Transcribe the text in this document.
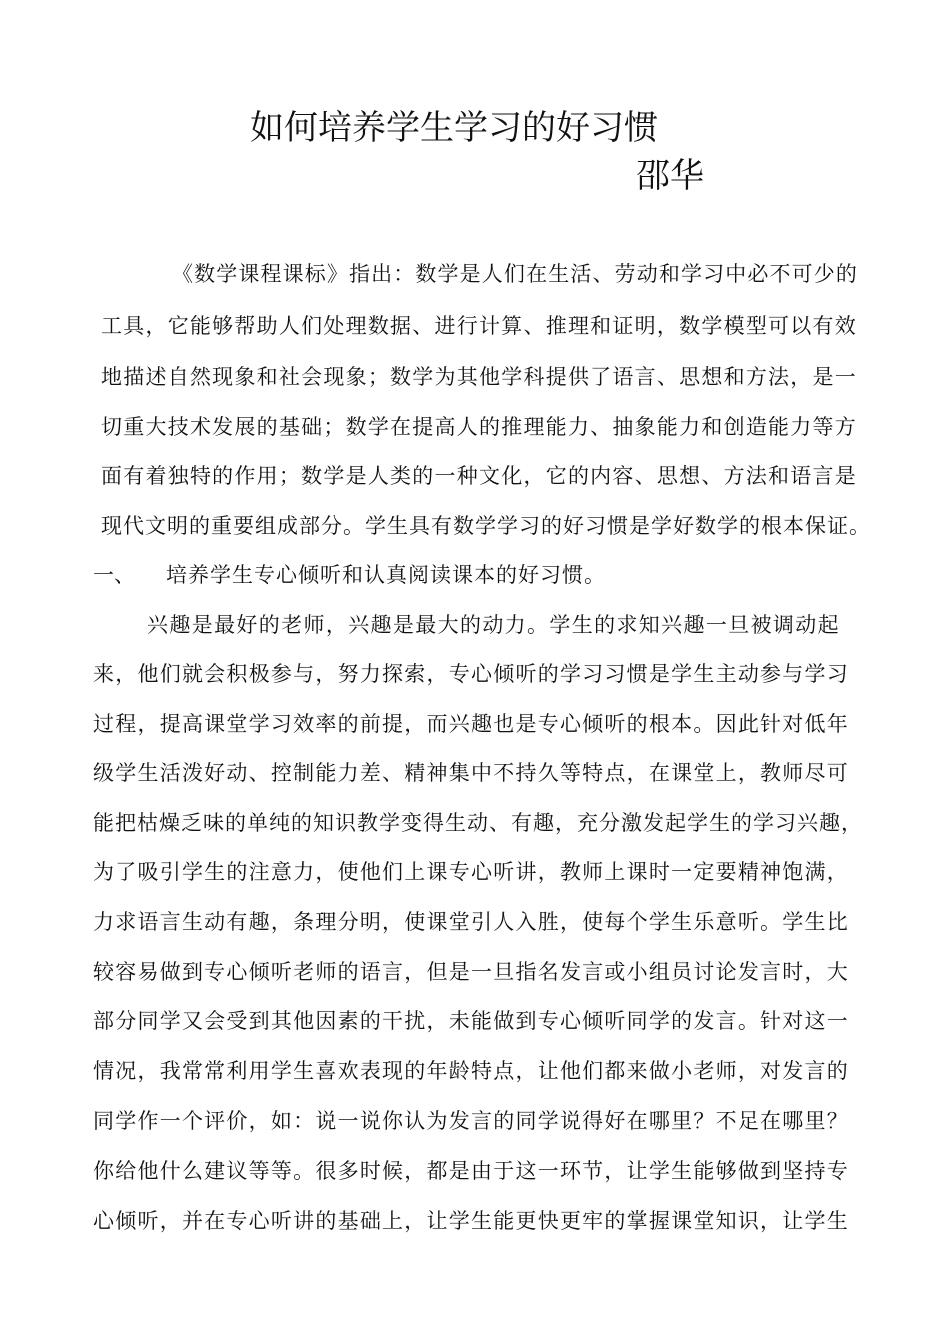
如何培养学生学习的好习惯
邵华
《数学课程课标》指出：数学是人们在生活、劳动和学习中必不可少的
工具，它能够帮助人们处理数据、进行计算、推理和证明，数学模型可以有效
地描述自然现象和社会现象；数学为其他学科提供了语言、思想和方法，是一
切重大技术发展的基础；数学在提高人的推理能力、抽象能力和创造能力等方
面有着独特的作用；数学是人类的一种文化，它的内容、思想、方法和语言是
现代文明的重要组成部分。学生具有数学学习的好习惯是学好数学的根本保证。
一、 培养学生专心倾听和认真阅读课本的好习惯。
兴趣是最好的老师，兴趣是最大的动力。学生的求知兴趣一旦被调动起
来，他们就会积极参与，努力探索，专心倾听的学习习惯是学生主动参与学习
过程，提高课堂学习效率的前提，而兴趣也是专心倾听的根本。因此针对低年
级学生活泼好动、控制能力差、精神集中不持久等特点，在课堂上，教师尽可
能把枯燥乏味的单纯的知识教学变得生动、有趣，充分激发起学生的学习兴趣，
为了吸引学生的注意力，使他们上课专心听讲，教师上课时一定要精神饱满，
力求语言生动有趣，条理分明，使课堂引人入胜，使每个学生乐意听。学生比
较容易做到专心倾听老师的语言，但是一旦指名发言或小组员讨论发言时，大
部分同学又会受到其他因素的干扰，未能做到专心倾听同学的发言。针对这一
情况，我常常利用学生喜欢表现的年龄特点，让他们都来做小老师，对发言的
同学作一个评价，如：说一说你认为发言的同学说得好在哪里？不足在哪里？
你给他什么建议等等。很多时候，都是由于这一环节，让学生能够做到坚持专
心倾听，并在专心听讲的基础上，让学生能更快更牢的掌握课堂知识，让学生
